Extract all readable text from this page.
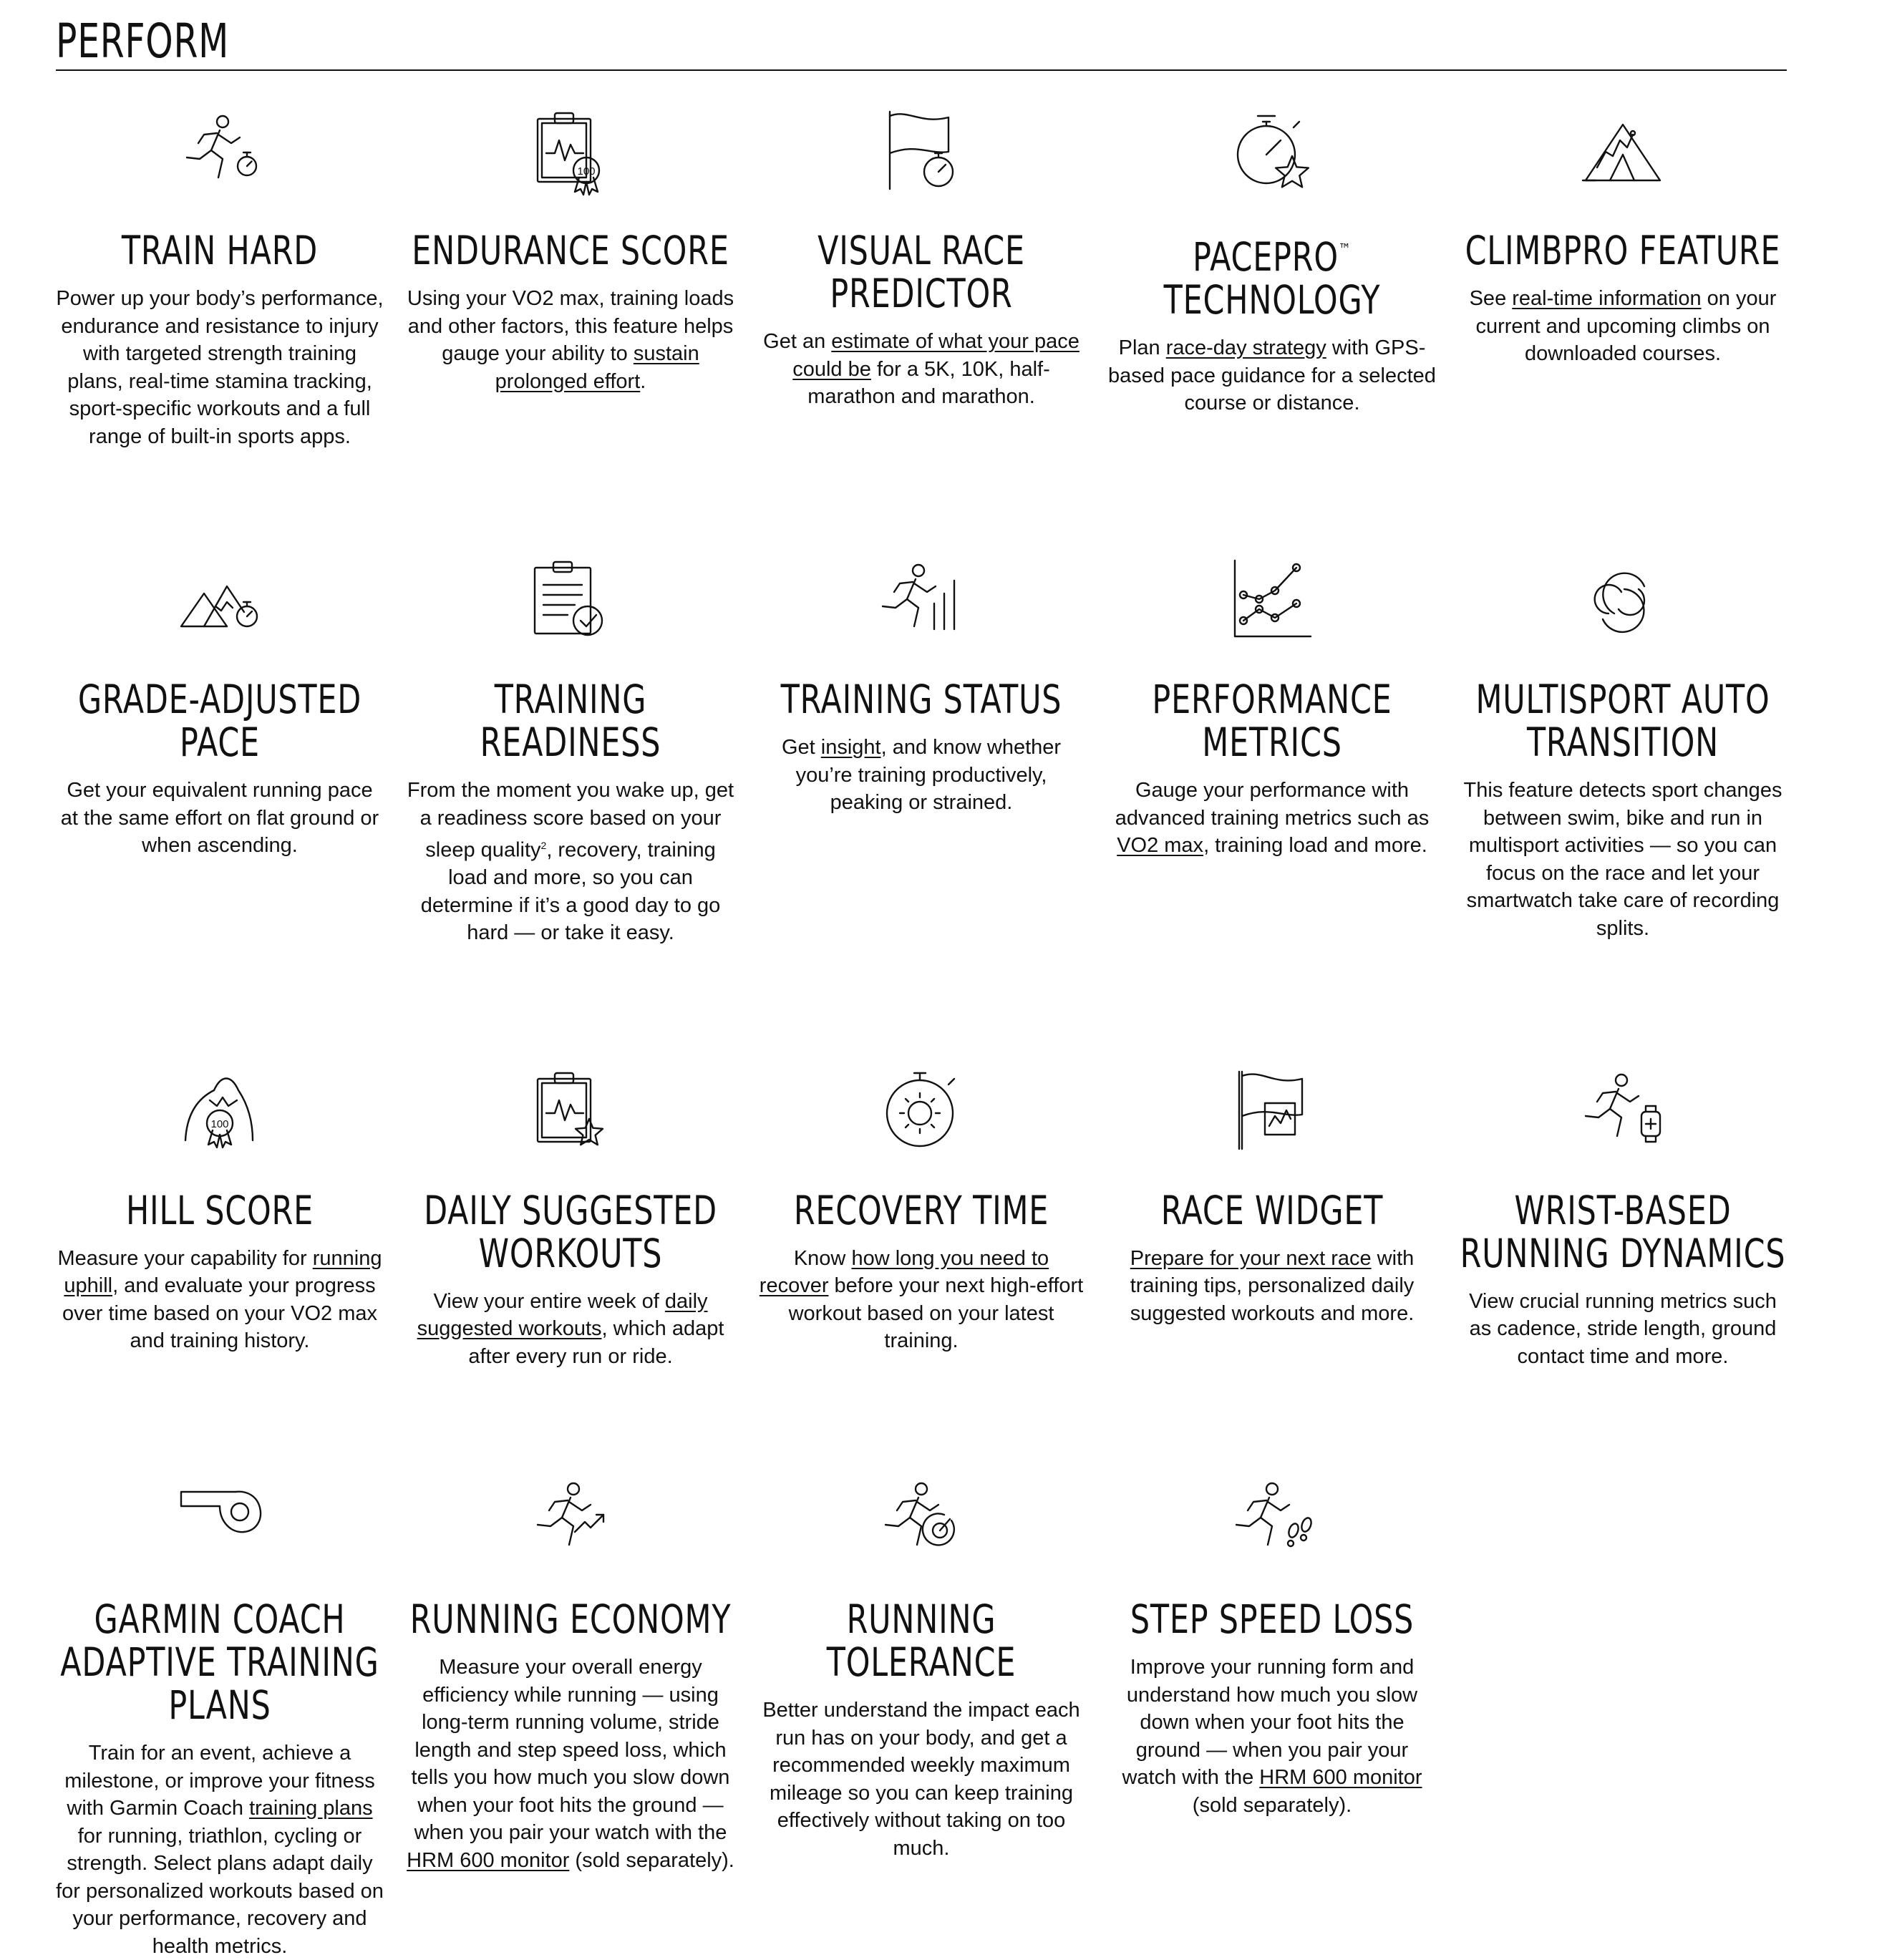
PERFORM
TRAIN HARD

Power up your body’s performance, endurance and resistance to injury with targeted strength training plans, real-time stamina tracking, sport-specific workouts and a full range of built-in sports apps.

100
ENDURANCE SCORE

Using your VO2 max, training loads and other factors, this feature helps gauge your ability to sustain prolonged effort.

VISUAL RACE PREDICTOR

Get an estimate of what your pace could be for a 5K, 10K, half-marathon and marathon.

PACEPRO™
TECHNOLOGY

Plan race-day strategy with GPS-based pace guidance for a selected course or distance.

CLIMBPRO FEATURE

See real-time information on your current and upcoming climbs on downloaded courses.

GRADE-ADJUSTED PACE

Get your equivalent running pace at the same effort on flat ground or when ascending.

TRAINING READINESS

From the moment you wake up, get a readiness score based on your sleep quality$^2$, recovery, training load and more, so you can determine if it’s a good day to go hard — or take it easy.

TRAINING STATUS

Get insight, and know whether you’re training productively, peaking or strained.

PERFORMANCE METRICS

Gauge your performance with advanced training metrics such as VO2 max, training load and more.

MULTISPORT AUTO TRANSITION

This feature detects sport changes between swim, bike and run in multisport activities — so you can focus on the race and let your smartwatch take care of recording splits.

100
HILL SCORE

Measure your capability for running uphill, and evaluate your progress over time based on your VO2 max and training history.

DAILY SUGGESTED WORKOUTS

View your entire week of daily suggested workouts, which adapt after every run or ride.

RECOVERY TIME

Know how long you need to recover before your next high-effort workout based on your latest training.

RACE WIDGET

Prepare for your next race with training tips, personalized daily suggested workouts and more.

WRIST-BASED RUNNING DYNAMICS

View crucial running metrics such as cadence, stride length, ground contact time and more.

GARMIN COACH ADAPTIVE TRAINING PLANS

Train for an event, achieve a milestone, or improve your fitness with Garmin Coach training plans for running, triathlon, cycling or strength. Select plans adapt daily for personalized workouts based on your performance, recovery and health metrics.

RUNNING ECONOMY

Measure your overall energy efficiency while running — using long-term running volume, stride length and step speed loss, which tells you how much you slow down when your foot hits the ground — when you pair your watch with the HRM 600 monitor (sold separately).

RUNNING TOLERANCE

Better understand the impact each run has on your body, and get a recommended weekly maximum mileage so you can keep training effectively without taking on too much.

STEP SPEED LOSS

Improve your running form and understand how much you slow down when your foot hits the ground — when you pair your watch with the HRM 600 monitor (sold separately).
